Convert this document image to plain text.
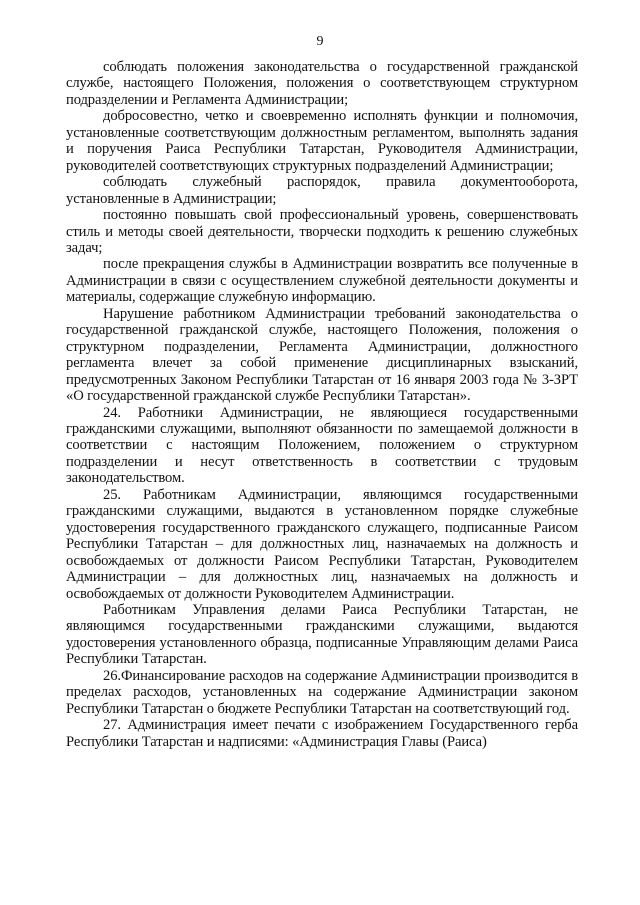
9

соблюдать положения законодательства о государственной гражданской службе, настоящего Положения, положения о соответствующем структурном подразделении и Регламента Администрации;

добросовестно, четко и своевременно исполнять функции и полномочия, установленные соответствующим должностным регламентом, выполнять задания и поручения Раиса Республики Татарстан, Руководителя Администрации, руководителей соответствующих структурных подразделений Администрации;

соблюдать служебный распорядок, правила документооборота, установленные в Администрации;

постоянно повышать свой профессиональный уровень, совершенствовать стиль и методы своей деятельности, творчески подходить к решению служебных задач;

после прекращения службы в Администрации возвратить все полученные в Администрации в связи с осуществлением служебной деятельности документы и материалы, содержащие служебную информацию.

Нарушение работником Администрации требований законодательства о государственной гражданской службе, настоящего Положения, положения о структурном подразделении, Регламента Администрации, должностного регламента влечет за собой применение дисциплинарных взысканий, предусмотренных Законом Республики Татарстан от 16 января 2003 года № 3-ЗРТ «О государственной гражданской службе Республики Татарстан».

24. Работники Администрации, не являющиеся государственными гражданскими служащими, выполняют обязанности по замещаемой должности в соответствии с настоящим Положением, положением о структурном подразделении и несут ответственность в соответствии с трудовым законодательством.

25. Работникам Администрации, являющимся государственными гражданскими служащими, выдаются в установленном порядке служебные удостоверения государственного гражданского служащего, подписанные Раисом Республики Татарстан – для должностных лиц, назначаемых на должность и освобождаемых от должности Раисом Республики Татарстан, Руководителем Администрации – для должностных лиц, назначаемых на должность и освобождаемых от должности Руководителем Администрации.

Работникам Управления делами Раиса Республики Татарстан, не являющимся государственными гражданскими служащими, выдаются удостоверения установленного образца, подписанные Управляющим делами Раиса Республики Татарстан.

26.Финансирование расходов на содержание Администрации производится в пределах расходов, установленных на содержание Администрации законом Республики Татарстан о бюджете Республики Татарстан на соответствующий год.

27. Администрация имеет печати с изображением Государственного герба Республики Татарстан и надписями: «Администрация Главы (Раиса)
